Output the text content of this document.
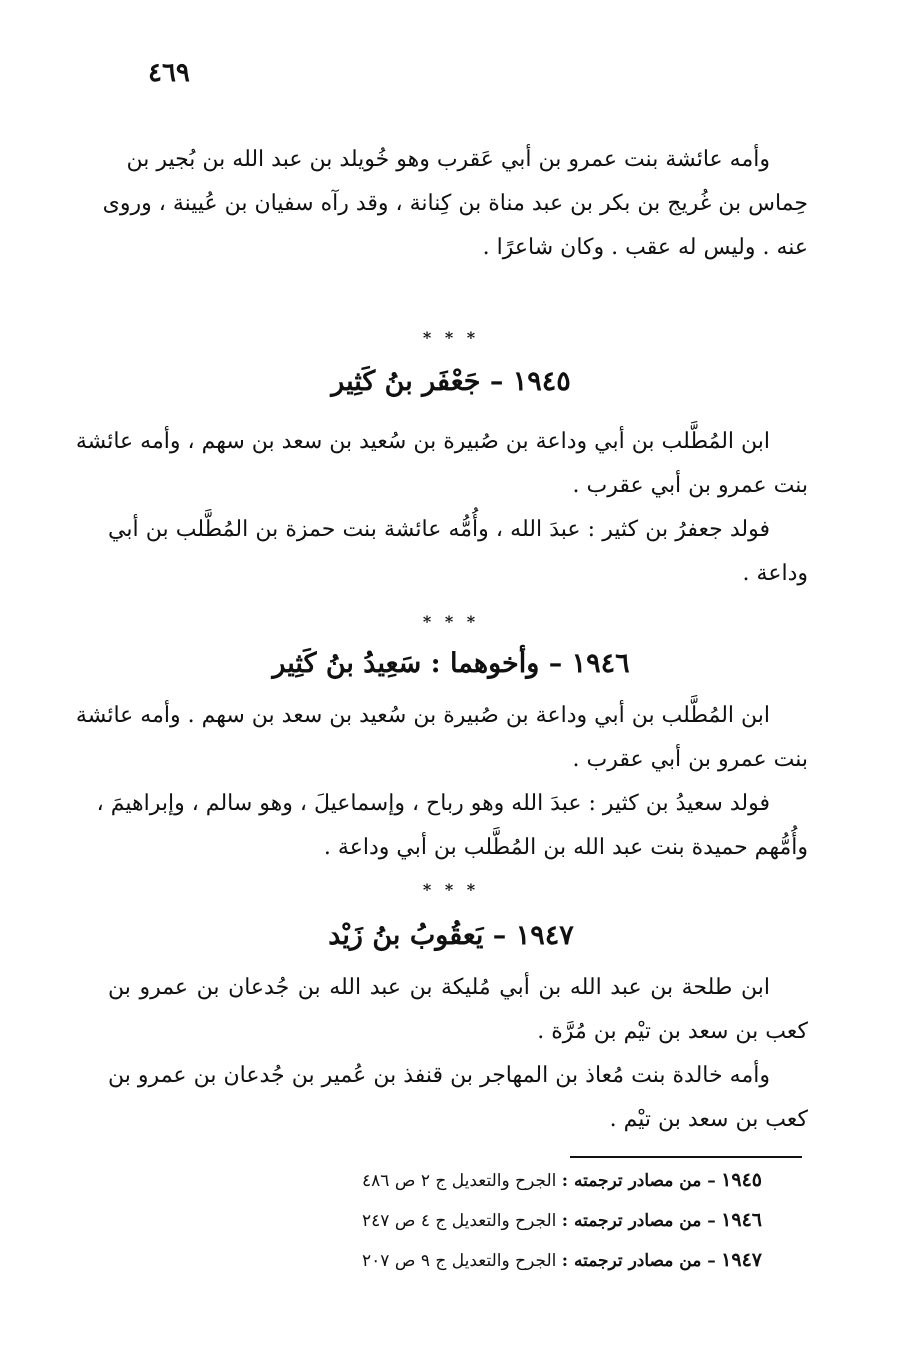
٤٦٩
وأمه عائشة بنت عمرو بن أبي عَقرب وهو خُويلد بن عبد الله بن بُجير بن
حِماس بن غُريج بن بكر بن عبد مناة بن كِنانة ، وقد رآه سفيان بن عُيينة ، وروى
عنه . وليس له عقب . وكان شاعرًا .
* * *
١٩٤٥ – جَعْفَر بنُ كَثِير
ابن المُطَّلب بن أبي وداعة بن صُبيرة بن سُعيد بن سعد بن سهم ، وأمه عائشة
بنت عمرو بن أبي عقرب .
فولد جعفرُ بن كثير : عبدَ الله ، وأُمُّه عائشة بنت حمزة بن المُطَّلب بن أبي
وداعة .
* * *
١٩٤٦ – وأخوهما : سَعِيدُ بنُ كَثِير
ابن المُطَّلب بن أبي وداعة بن صُبيرة بن سُعيد بن سعد بن سهم . وأمه عائشة
بنت عمرو بن أبي عقرب .
فولد سعيدُ بن كثير : عبدَ الله وهو رباح ، وإسماعيلَ ، وهو سالم ، وإبراهيمَ ،
وأُمُّهم حميدة بنت عبد الله بن المُطَّلب بن أبي وداعة .
* * *
١٩٤٧ – يَعقُوبُ بنُ زَيْد
ابن طلحة بن عبد الله بن أبي مُليكة بن عبد الله بن جُدعان بن عمرو بن
كعب بن سعد بن تيْم بن مُرَّة .
وأمه خالدة بنت مُعاذ بن المهاجر بن قنفذ بن عُمير بن جُدعان بن عمرو بن
كعب بن سعد بن تيْم .
١٩٤٥ – من مصادر ترجمته : الجرح والتعديل ج ٢ ص ٤٨٦
١٩٤٦ – من مصادر ترجمته : الجرح والتعديل ج ٤ ص ٢٤٧
١٩٤٧ – من مصادر ترجمته : الجرح والتعديل ج ٩ ص ٢٠٧
